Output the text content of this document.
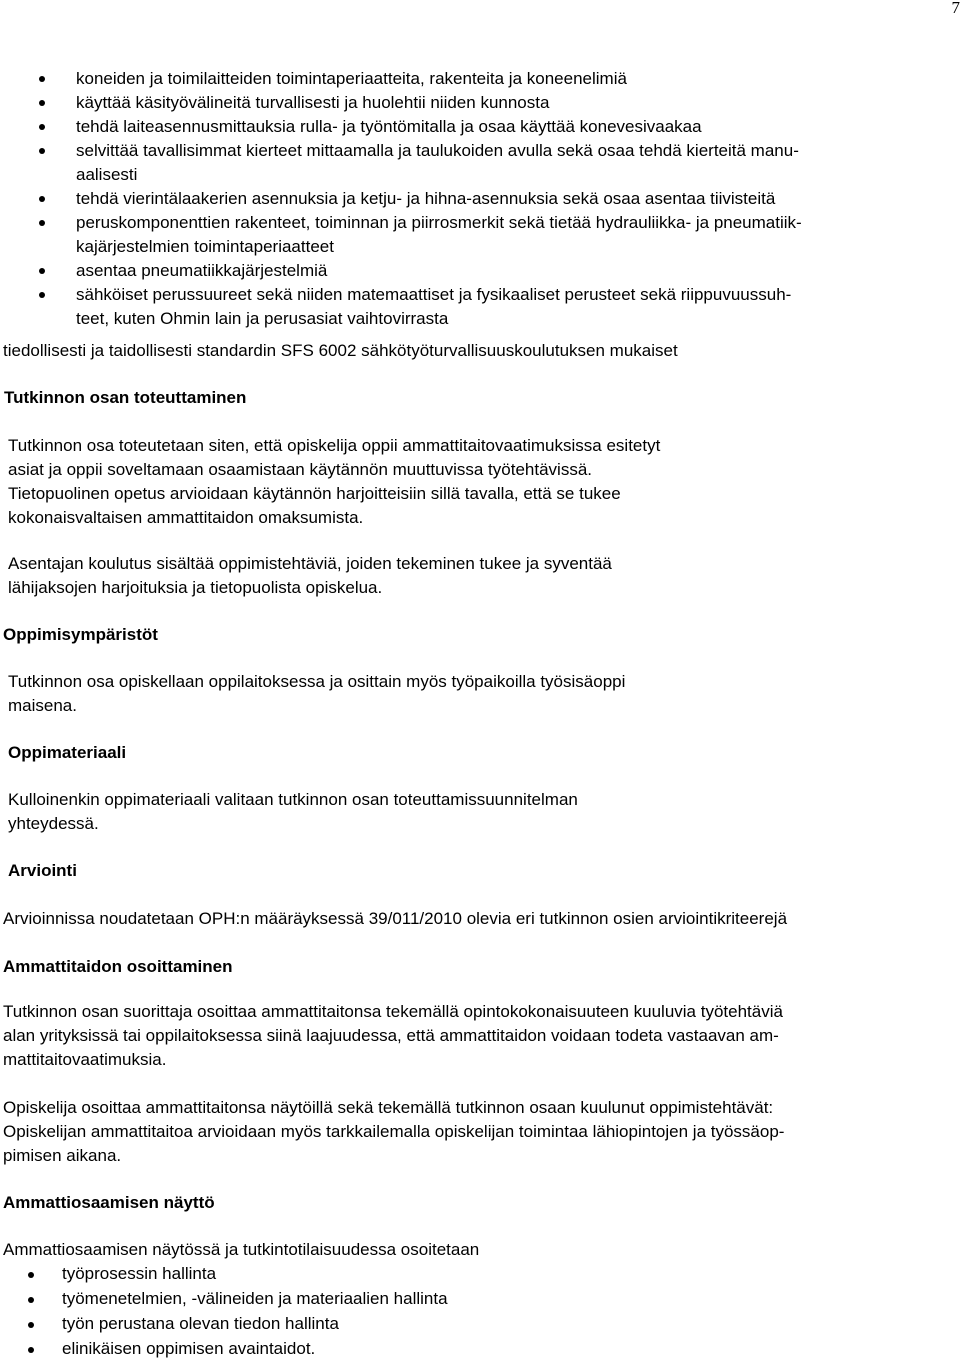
7
koneiden ja toimilaitteiden toimintaperiaatteita, rakenteita ja koneenelimiä
käyttää käsityövälineitä turvallisesti ja huolehtii niiden kunnosta
tehdä laiteasennusmittauksia rulla- ja työntömitalla ja osaa käyttää konevesivaakaa
selvittää tavallisimmat kierteet mittaamalla ja taulukoiden avulla sekä osaa tehdä kierteitä manu-
aalisesti
tehdä vierintälaakerien asennuksia ja ketju- ja hihna-asennuksia sekä osaa asentaa tiivisteitä
peruskomponenttien rakenteet, toiminnan ja piirrosmerkit sekä tietää hydrauliikka- ja pneumatiik-
kajärjestelmien toimintaperiaatteet
asentaa pneumatiikkajärjestelmiä
sähköiset perussuureet sekä niiden matemaattiset ja fysikaaliset perusteet sekä riippuvuussuh-
teet, kuten Ohmin lain ja perusasiat vaihtovirrasta
tiedollisesti ja taidollisesti standardin SFS 6002 sähkötyöturvallisuuskoulutuksen mukaiset
Tutkinnon osan toteuttaminen
Oppimisympäristöt
Oppimateriaali
Arviointi
Ammattitaidon osoittaminen
Ammattiosaamisen näyttö
Tutkinnon osa toteutetaan siten, että opiskelija oppii ammattitaitovaatimuksissa esitetyt
asiat ja oppii soveltamaan osaamistaan käytännön muuttuvissa työtehtävissä.
Tietopuolinen opetus arvioidaan käytännön harjoitteisiin sillä tavalla, että se tukee
kokonaisvaltaisen ammattitaidon omaksumista.
Asentajan koulutus sisältää oppimistehtäviä, joiden tekeminen tukee ja syventää
lähijaksojen harjoituksia ja tietopuolista opiskelua.
Tutkinnon osa opiskellaan oppilaitoksessa ja osittain myös työpaikoilla työsisäoppi
maisena.
Kulloinenkin oppimateriaali valitaan tutkinnon osan toteuttamissuunnitelman
yhteydessä.
Arvioinnissa noudatetaan OPH:n määräyksessä 39/011/2010 olevia eri tutkinnon osien arviointikriteerejä
Tutkinnon osan suorittaja osoittaa ammattitaitonsa tekemällä opintokokonaisuuteen kuuluvia työtehtäviä
alan yrityksissä tai oppilaitoksessa siinä laajuudessa, että ammattitaidon voidaan todeta vastaavan am-
mattitaitovaatimuksia.
Opiskelija osoittaa ammattitaitonsa näytöillä sekä tekemällä tutkinnon osaan kuulunut oppimistehtävät:
Opiskelijan ammattitaitoa arvioidaan myös tarkkailemalla opiskelijan toimintaa lähiopintojen ja työssäop-
pimisen aikana.
Ammattiosaamisen näytössä ja tutkintotilaisuudessa osoitetaan
työprosessin hallinta
työmenetelmien, -välineiden ja materiaalien hallinta
työn perustana olevan tiedon hallinta
elinikäisen oppimisen avaintaidot.
